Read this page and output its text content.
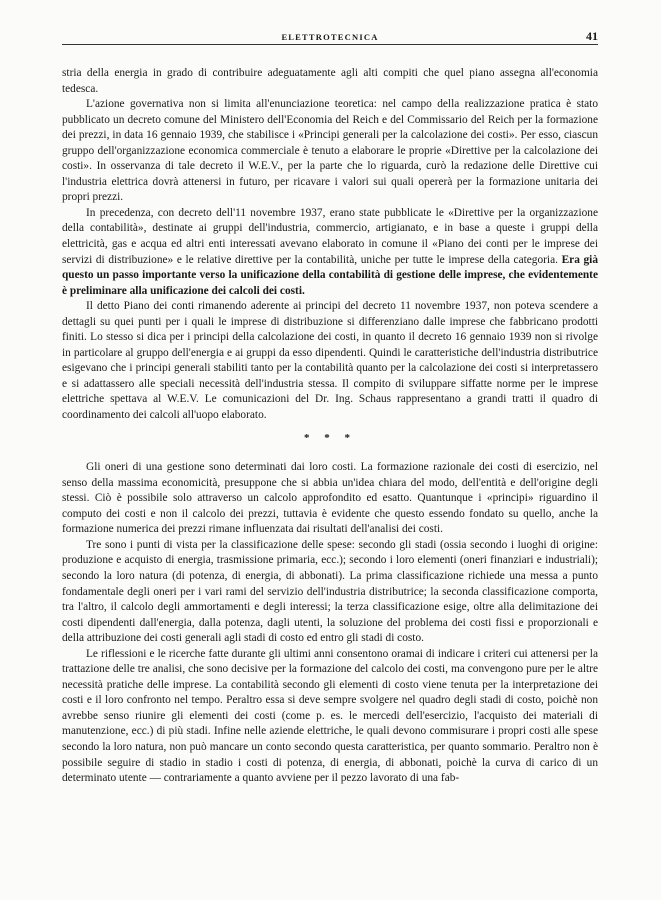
ELETTROTECNICA	41

stria della energia in grado di contribuire adeguatamente agli alti compiti che quel piano assegna all'economia tedesca.

L'azione governativa non si limita all'enunciazione teoretica: nel campo della realizzazione pratica è stato pubblicato un decreto comune del Ministero dell'Economia del Reich e del Commissario del Reich per la formazione dei prezzi, in data 16 gennaio 1939, che stabilisce i «Principi generali per la calcolazione dei costi». Per esso, ciascun gruppo dell'organizzazione economica commerciale è tenuto a elaborare le proprie «Direttive per la calcolazione dei costi». In osservanza di tale decreto il W.E.V., per la parte che lo riguarda, curò la redazione delle Direttive cui l'industria elettrica dovrà attenersi in futuro, per ricavare i valori sui quali opererà per la formazione unitaria dei propri prezzi.

In precedenza, con decreto dell'11 novembre 1937, erano state pubblicate le «Direttive per la organizzazione della contabilità», destinate ai gruppi dell'industria, commercio, artigianato, e in base a queste i gruppi della elettricità, gas e acqua ed altri enti interessati avevano elaborato in comune il «Piano dei conti per le imprese dei servizi di distribuzione» e le relative direttive per la contabilità, uniche per tutte le imprese della categoria. Era già questo un passo importante verso la unificazione della contabilità di gestione delle imprese, che evidentemente è preliminare alla unificazione dei calcoli dei costi.

Il detto Piano dei conti rimanendo aderente ai principi del decreto 11 novembre 1937, non poteva scendere a dettagli su quei punti per i quali le imprese di distribuzione si differenziano dalle imprese che fabbricano prodotti finiti. Lo stesso si dica per i principi della calcolazione dei costi, in quanto il decreto 16 gennaio 1939 non si rivolge in particolare al gruppo dell'energia e ai gruppi da esso dipendenti. Quindi le caratteristiche dell'industria distributrice esigevano che i principi generali stabiliti tanto per la contabilità quanto per la calcolazione dei costi si interpretassero e si adattassero alle speciali necessità dell'industria stessa. Il compito di sviluppare siffatte norme per le imprese elettriche spettava al W.E.V. Le comunicazioni del Dr. Ing. Schaus rappresentano a grandi tratti il quadro di coordinamento dei calcoli all'uopo elaborato.

* * *

Gli oneri di una gestione sono determinati dai loro costi. La formazione razionale dei costi di esercizio, nel senso della massima economicità, presuppone che si abbia un'idea chiara del modo, dell'entità e dell'origine degli stessi. Ciò è possibile solo attraverso un calcolo approfondito ed esatto. Quantunque i «principi» riguardino il computo dei costi e non il calcolo dei prezzi, tuttavia è evidente che questo essendo fondato su quello, anche la formazione numerica dei prezzi rimane influenzata dai risultati dell'analisi dei costi.

Tre sono i punti di vista per la classificazione delle spese: secondo gli stadi (ossia secondo i luoghi di origine: produzione e acquisto di energia, trasmissione primaria, ecc.); secondo i loro elementi (oneri finanziari e industriali); secondo la loro natura (di potenza, di energia, di abbonati). La prima classificazione richiede una messa a punto fondamentale degli oneri per i vari rami del servizio dell'industria distributrice; la seconda classificazione comporta, tra l'altro, il calcolo degli ammortamenti e degli interessi; la terza classificazione esige, oltre alla delimitazione dei costi dipendenti dall'energia, dalla potenza, dagli utenti, la soluzione del problema dei costi fissi e proporzionali e della attribuzione dei costi generali agli stadi di costo ed entro gli stadi di costo.

Le riflessioni e le ricerche fatte durante gli ultimi anni consentono oramai di indicare i criteri cui attenersi per la trattazione delle tre analisi, che sono decisive per la formazione del calcolo dei costi, ma convengono pure per le altre necessità pratiche delle imprese. La contabilità secondo gli elementi di costo viene tenuta per la interpretazione dei costi e il loro confronto nel tempo. Peraltro essa si deve sempre svolgere nel quadro degli stadi di costo, poichè non avrebbe senso riunire gli elementi dei costi (come p. es. le mercedi dell'esercizio, l'acquisto dei materiali di manutenzione, ecc.) di più stadi. Infine nelle aziende elettriche, le quali devono commisurare i propri costi alle spese secondo la loro natura, non può mancare un conto secondo questa caratteristica, per quanto sommario. Peraltro non è possibile seguire di stadio in stadio i costi di potenza, di energia, di abbonati, poichè la curva di carico di un determinato utente — contrariamente a quanto avviene per il pezzo lavorato di una fab-
